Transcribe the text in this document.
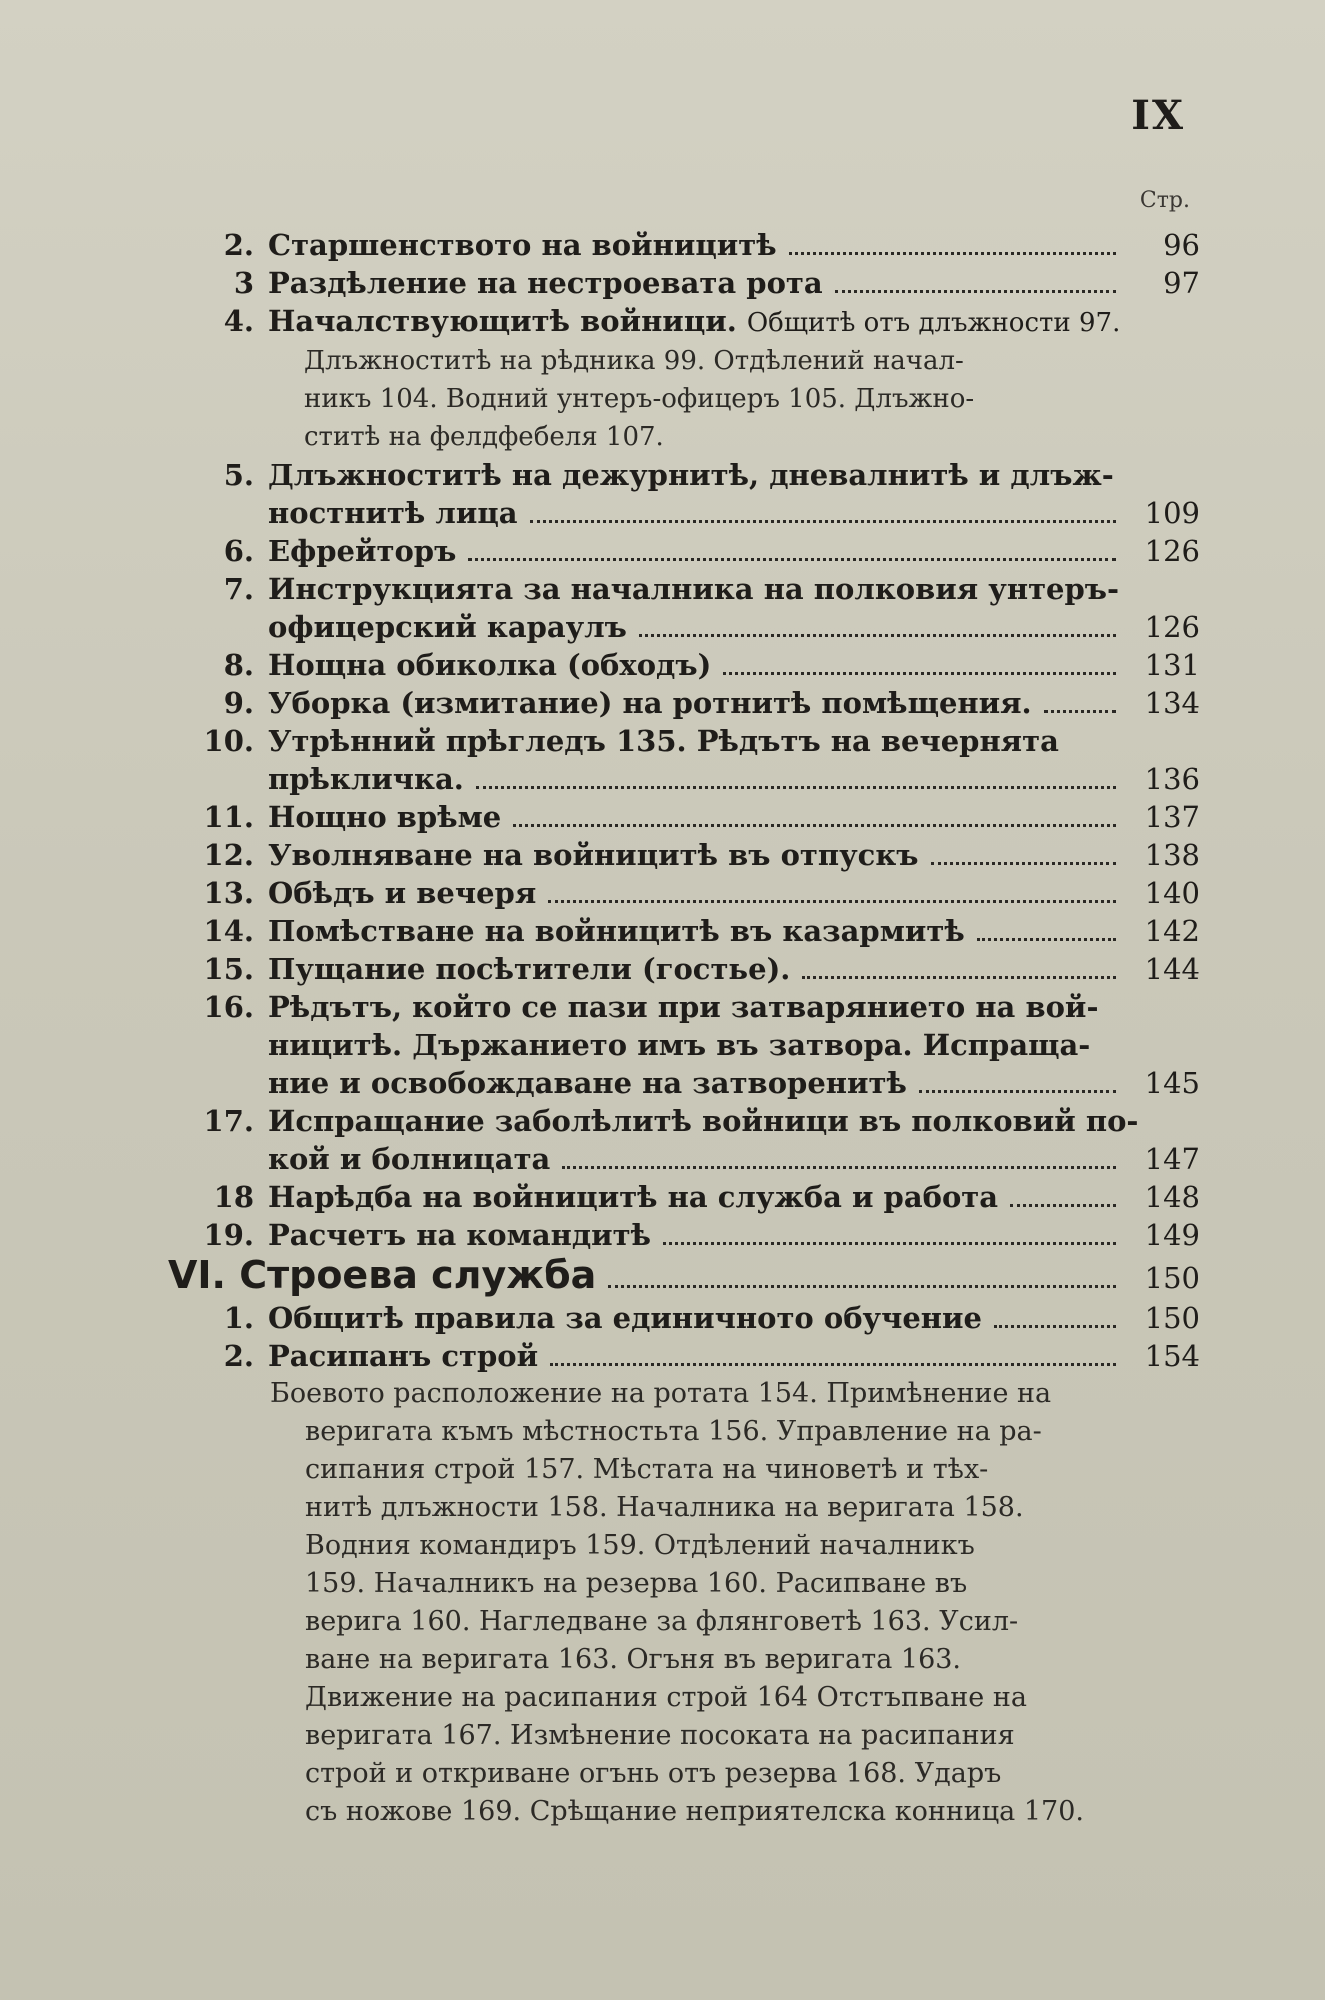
IX
Стр.
2. Старшенството на войницитѣ	96
3 Раздѣление на нестроевата рота	97
4. Началствующитѣ войници. Общитѣ отъ длъжности 97.
Длъжноститѣ на рѣдника 99. Отдѣлений начал-
никъ 104. Водний унтеръ-офицеръ 105. Длъжно-
ститѣ на фелдфебеля 107.
5. Длъжноститѣ на дежурнитѣ, дневалнитѣ и длъж-
ностнитѣ лица	109
6. Ефрейторъ	126
7. Инструкцията за началника на полковия унтеръ-
офицерский караулъ	126
8. Нощна обиколка (обходъ)	131
9. Уборка (измитание) на ротнитѣ помѣщения.	134
10. Утрѣнний прѣгледъ 135. Рѣдътъ на вечернята
прѣкличка.	136
11. Нощно врѣме	137
12. Уволняване на войницитѣ въ отпускъ	138
13. Обѣдъ и вечеря	140
14. Помѣстване на войницитѣ въ казармитѣ	142
15. Пущание посѣтители (гостье).	144
16. Рѣдътъ, който се пази при затварянието на вой-
ницитѣ. Държанието имъ въ затвора. Испраща-
ние и освобождаване на затворенитѣ	145
17. Испращание заболѣлитѣ войници въ полковий по-
кой и болницата	147
18 Нарѣдба на войницитѣ на служба и работа	148
19. Расчетъ на командитѣ	149
VI. Строева служба	150
1. Общитѣ правила за единичното обучение	150
2. Расипанъ строй	154
Боевото расположение на ротата 154. Примѣнение на
веригата къмъ мѣстностьта 156. Управление на ра-
сипания строй 157. Мѣстата на чиноветѣ и тѣх-
нитѣ длъжности 158. Началника на веригата 158.
Водния командиръ 159. Отдѣлений началникъ
159. Началникъ на резерва 160. Расипване въ
верига 160. Нагледване за флянговетѣ 163. Усил-
ване на веригата 163. Огъня въ веригата 163.
Движение на расипания строй 164 Отстъпване на
веригата 167. Измѣнение посоката на расипания
строй и откриване огънь отъ резерва 168. Ударъ
съ ножове 169. Срѣщание неприятелска конница 170.
